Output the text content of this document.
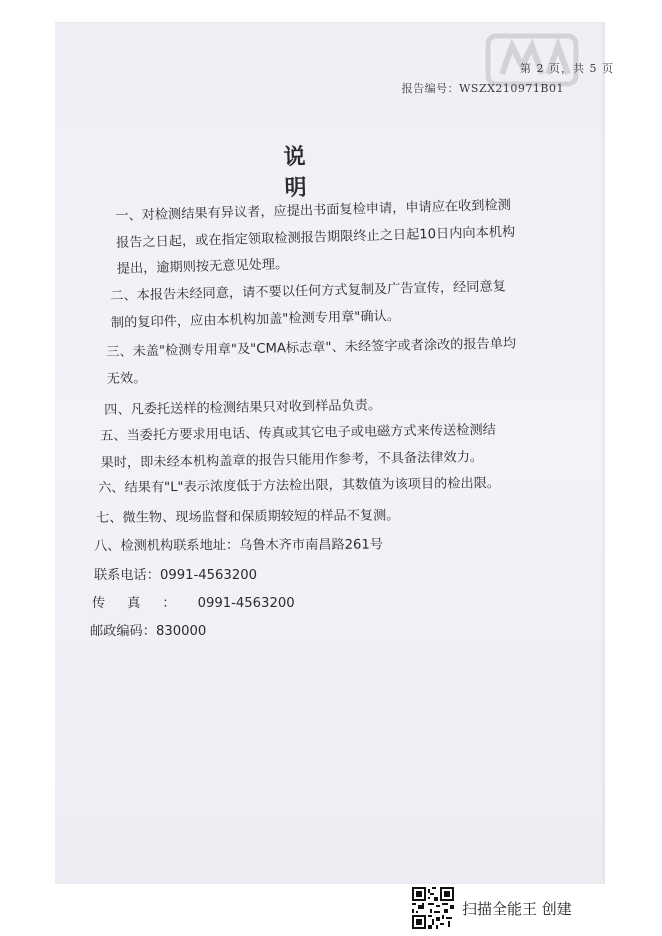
第 2 页，共 5 页
报告编号：WSZX210971B01
说明
一、对检测结果有异议者，应提出书面复检申请，申请应在收到检测
报告之日起，或在指定领取检测报告期限终止之日起10日内向本机构
提出，逾期则按无意见处理。
二、本报告未经同意，请不要以任何方式复制及广告宣传，经同意复
制的复印件，应由本机构加盖"检测专用章"确认。
三、未盖"检测专用章"及"CMA标志章"、未经签字或者涂改的报告单均
无效。
四、凡委托送样的检测结果只对收到样品负责。
五、当委托方要求用电话、传真或其它电子或电磁方式来传送检测结
果时，即未经本机构盖章的报告只能用作参考，不具备法律效力。
六、结果有"L"表示浓度低于方法检出限，其数值为该项目的检出限。
七、微生物、现场监督和保质期较短的样品不复测。
八、检测机构联系地址：乌鲁木齐市南昌路261号
联系电话：0991-4563200
传真：0991-4563200
邮政编码：830000
扫描全能王 创建
